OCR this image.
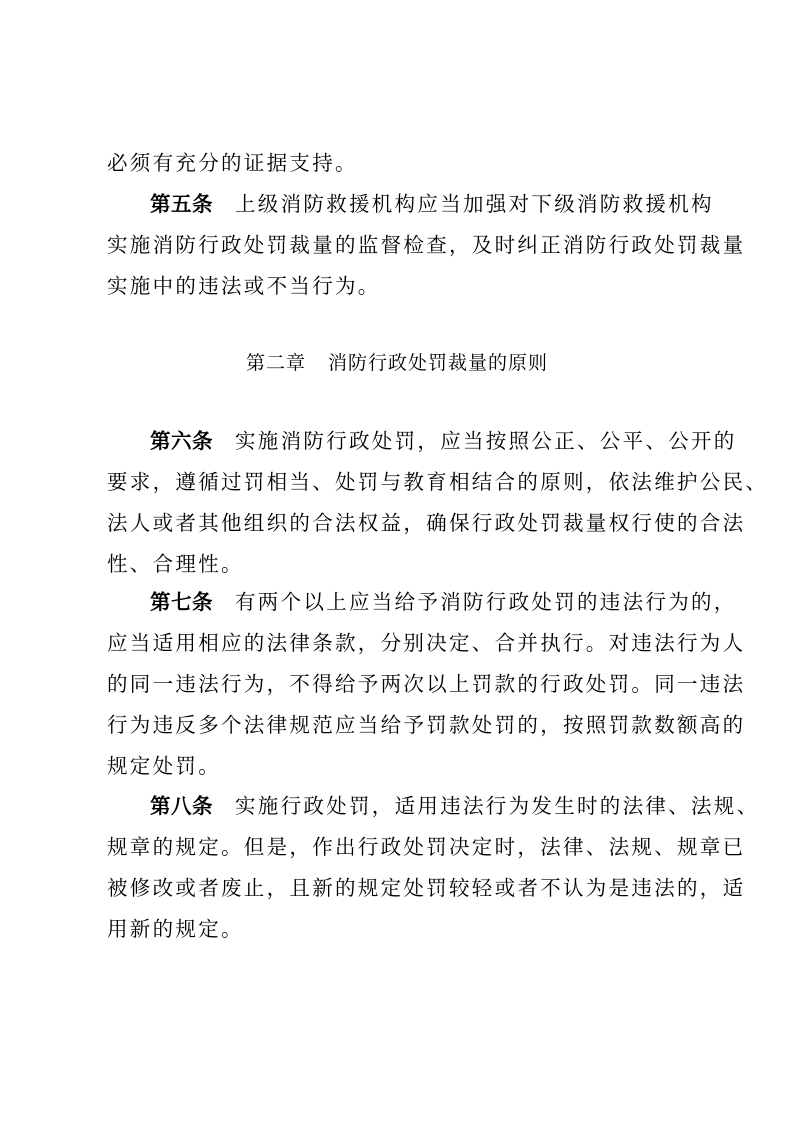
必须有充分的证据支持。
第五条 上级消防救援机构应当加强对下级消防救援机构
实施消防行政处罚裁量的监督检查，及时纠正消防行政处罚裁量
实施中的违法或不当行为。
第二章 消防行政处罚裁量的原则
第六条 实施消防行政处罚，应当按照公正、公平、公开的
要求，遵循过罚相当、处罚与教育相结合的原则，依法维护公民、
法人或者其他组织的合法权益，确保行政处罚裁量权行使的合法
性、合理性。
第七条 有两个以上应当给予消防行政处罚的违法行为的，
应当适用相应的法律条款，分别决定、合并执行。对违法行为人
的同一违法行为，不得给予两次以上罚款的行政处罚。同一违法
行为违反多个法律规范应当给予罚款处罚的，按照罚款数额高的
规定处罚。
第八条 实施行政处罚，适用违法行为发生时的法律、法规、
规章的规定。但是，作出行政处罚决定时，法律、法规、规章已
被修改或者废止，且新的规定处罚较轻或者不认为是违法的，适
用新的规定。
